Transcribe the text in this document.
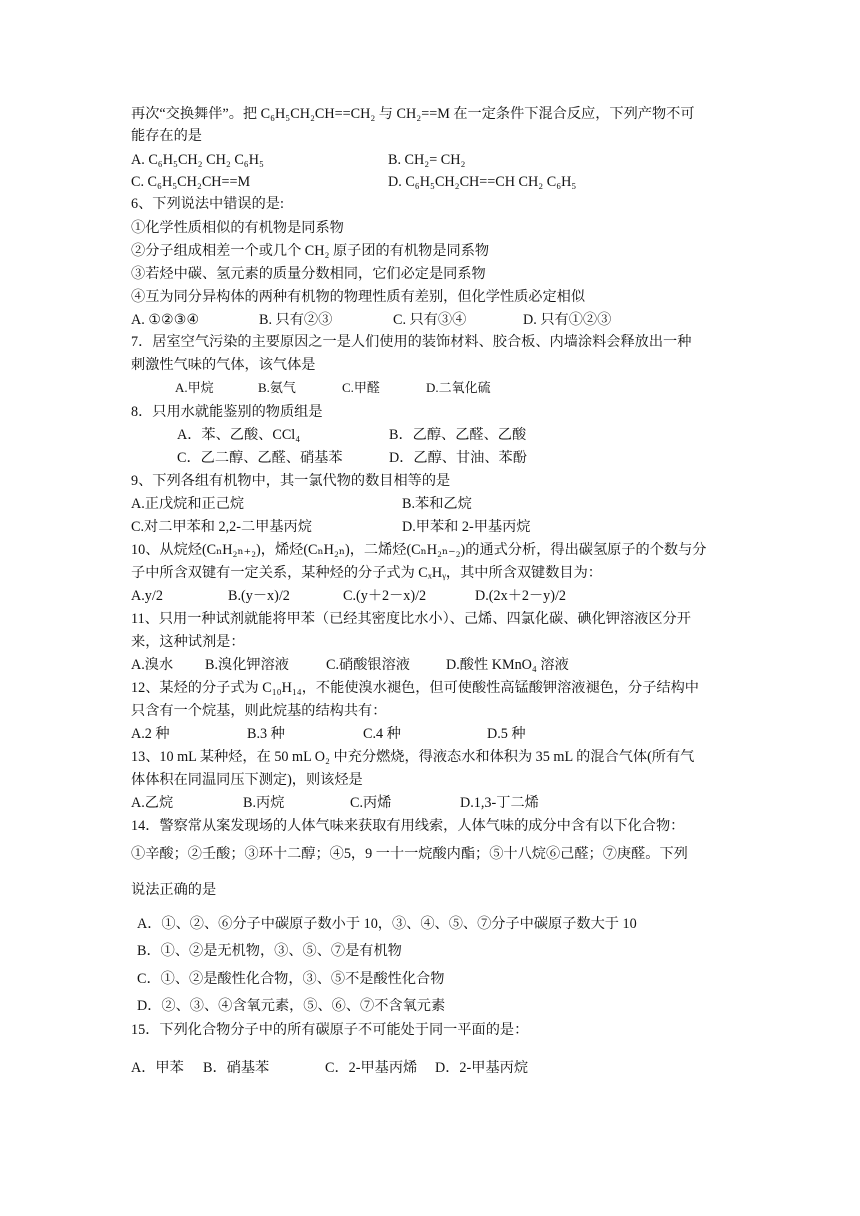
再次“交换舞伴”。把 C₆H₅CH₂CH==CH₂ 与 CH₂==M 在一定条件下混合反应，下列产物不可
能存在的是
A. C₆H₅CH₂ CH₂ C₆H₅	B. CH₂= CH₂
C. C₆H₅CH₂CH==M	D. C₆H₅CH₂CH==CH CH₂ C₆H₅
6、下列说法中错误的是:
①化学性质相似的有机物是同系物
②分子组成相差一个或几个 CH₂ 原子团的有机物是同系物
③若烃中碳、氢元素的质量分数相同，它们必定是同系物
④互为同分异构体的两种有机物的物理性质有差别，但化学性质必定相似
A. ①②③④	B. 只有②③	C. 只有③④	D. 只有①②③
7．居室空气污染的主要原因之一是人们使用的装饰材料、胶合板、内墙涂料会释放出一种
刺激性气味的气体，该气体是
A.甲烷	B.氨气	C.甲醛	D.二氧化硫
8．只用水就能鉴别的物质组是
A．苯、乙酸、CCl₄	B．乙醇、乙醛、乙酸
C．乙二醇、乙醛、硝基苯	D．乙醇、甘油、苯酚
9、下列各组有机物中，其一氯代物的数目相等的是
A.正戊烷和正己烷	B.苯和乙烷
C.对二甲苯和 2,2-二甲基丙烷	D.甲苯和 2-甲基丙烷
10、从烷烃(CₙH₂ₙ₊₂)，烯烃(CₙH₂ₙ)，二烯烃(CₙH₂ₙ₋₂)的通式分析，得出碳氢原子的个数与分
子中所含双键有一定关系，某种烃的分子式为 CₓHᵧ，其中所含双键数目为：
A.y/2	B.(y－x)/2	C.(y＋2－x)/2	D.(2x＋2－y)/2
11、只用一种试剂就能将甲苯（已经其密度比水小）、己烯、四氯化碳、碘化钾溶液区分开
来，这种试剂是：
A.溴水 B.溴化钾溶液	C.硝酸银溶液	D.酸性 KMnO₄ 溶液
12、某烃的分子式为 C₁₀H₁₄，不能使溴水褪色，但可使酸性高锰酸钾溶液褪色，分子结构中
只含有一个烷基，则此烷基的结构共有：
A.2 种	B.3 种	C.4 种	D.5 种
13、10 mL 某种烃，在 50 mL O₂ 中充分燃烧，得液态水和体积为 35 mL 的混合气体(所有气
体体积在同温同压下测定)，则该烃是
A.乙烷	B.丙烷	C.丙烯	D.1,3-丁二烯
14．警察常从案发现场的人体气味来获取有用线索，人体气味的成分中含有以下化合物：
①辛酸；②壬酸；③环十二醇；④5，9 一十一烷酸内酯；⑤十八烷⑥己醛；⑦庚醛。下列
说法正确的是
A．①、②、⑥分子中碳原子数小于 10，③、④、⑤、⑦分子中碳原子数大于 10
B．①、②是无机物，③、⑤、⑦是有机物
C．①、②是酸性化合物，③、⑤不是酸性化合物
D．②、③、④含氧元素，⑤、⑥、⑦不含氧元素
15．下列化合物分子中的所有碳原子不可能处于同一平面的是：
A．甲苯 B．硝基苯	C．2-甲基丙烯 D．2-甲基丙烷
